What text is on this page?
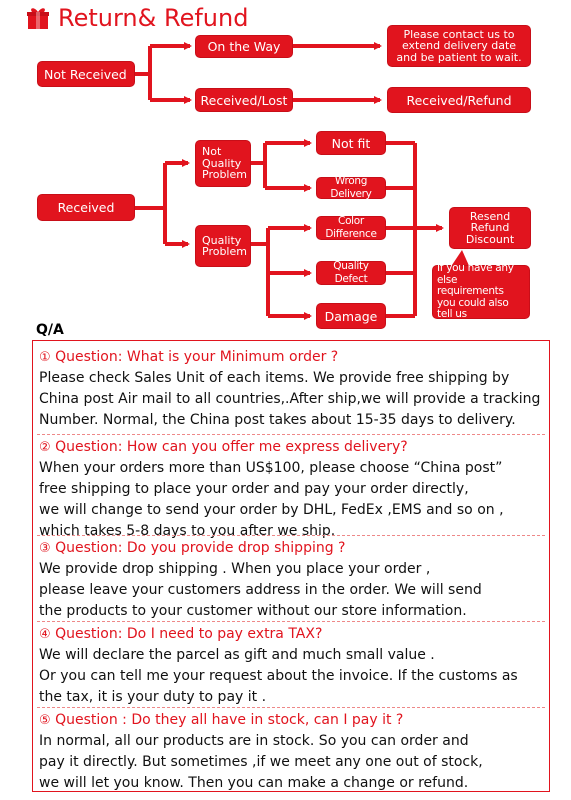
Return& Refund
Not Received
On the Way
Please contact us to extend delivery date and be patient to wait.
Received/Lost	Received/Refund
Received
Not Quality Problem
Quality Problem
Not fit
Wrong Delivery
Color Difference
Quality Defect
Damage
Resend Refund Discount
If you have any else requirements you could also tell us
Q/A
① Question: What is your Minimum order ?
Please check Sales Unit of each items. We provide free shipping by
China post Air mail to all countries,.After ship,we will provide a tracking
Number. Normal, the China post takes about 15-35 days to delivery.
② Question: How can you offer me express delivery?
When your orders more than US$100, please choose “China post”
free shipping to place your order and pay your order directly,
we will change to send your order by DHL, FedEx ,EMS and so on ,
which takes 5-8 days to you after we ship.
③ Question: Do you provide drop shipping ?
We provide drop shipping . When you place your order ,
please leave your customers address in the order. We will send
the products to your customer without our store information.
④ Question: Do I need to pay extra TAX?
We will declare the parcel as gift and much small value .
Or you can tell me your request about the invoice. If the customs as
the tax, it is your duty to pay it .
⑤ Question : Do they all have in stock, can I pay it ?
In normal, all our products are in stock. So you can order and
pay it directly. But sometimes ,if we meet any one out of stock,
we will let you know. Then you can make a change or refund.
